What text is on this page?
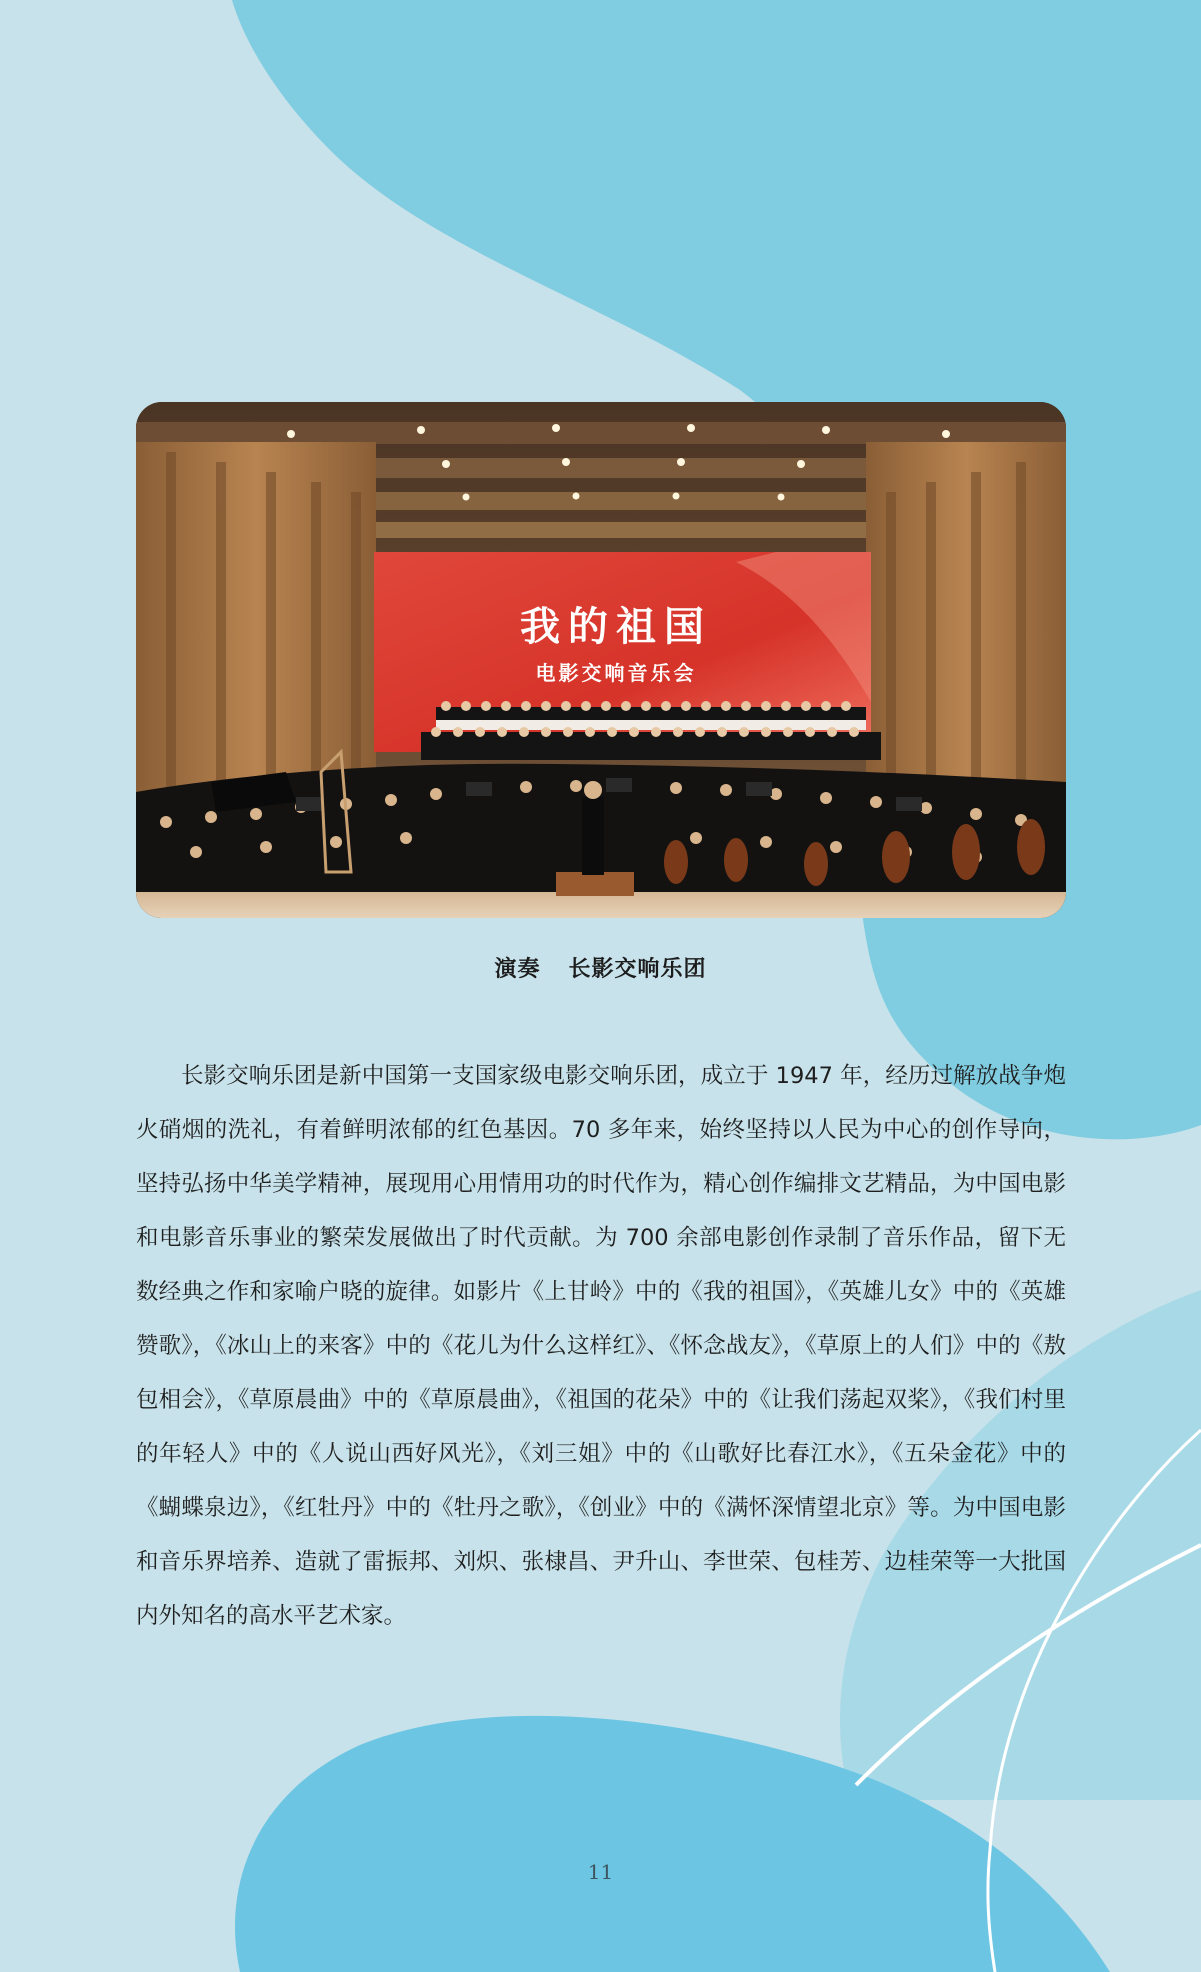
我的祖国
电影交响音乐会
演奏 长影交响乐团

长影交响乐团是新中国第一支国家级电影交响乐团，成立于 1947 年，经历过解放战争炮火硝烟的洗礼，有着鲜明浓郁的红色基因。70 多年来，始终坚持以人民为中心的创作导向，坚持弘扬中华美学精神，展现用心用情用功的时代作为，精心创作编排文艺精品，为中国电影和电影音乐事业的繁荣发展做出了时代贡献。为 700 余部电影创作录制了音乐作品，留下无数经典之作和家喻户晓的旋律。如影片《上甘岭》中的《我的祖国》，《英雄儿女》中的《英雄赞歌》，《冰山上的来客》中的《花儿为什么这样红》、《怀念战友》，《草原上的人们》中的《敖包相会》，《草原晨曲》中的《草原晨曲》，《祖国的花朵》中的《让我们荡起双桨》，《我们村里的年轻人》中的《人说山西好风光》，《刘三姐》中的《山歌好比春江水》，《五朵金花》中的《蝴蝶泉边》，《红牡丹》中的《牡丹之歌》，《创业》中的《满怀深情望北京》等。为中国电影和音乐界培养、造就了雷振邦、刘炽、张棣昌、尹升山、李世荣、包桂芳、边桂荣等一大批国内外知名的高水平艺术家。

11
